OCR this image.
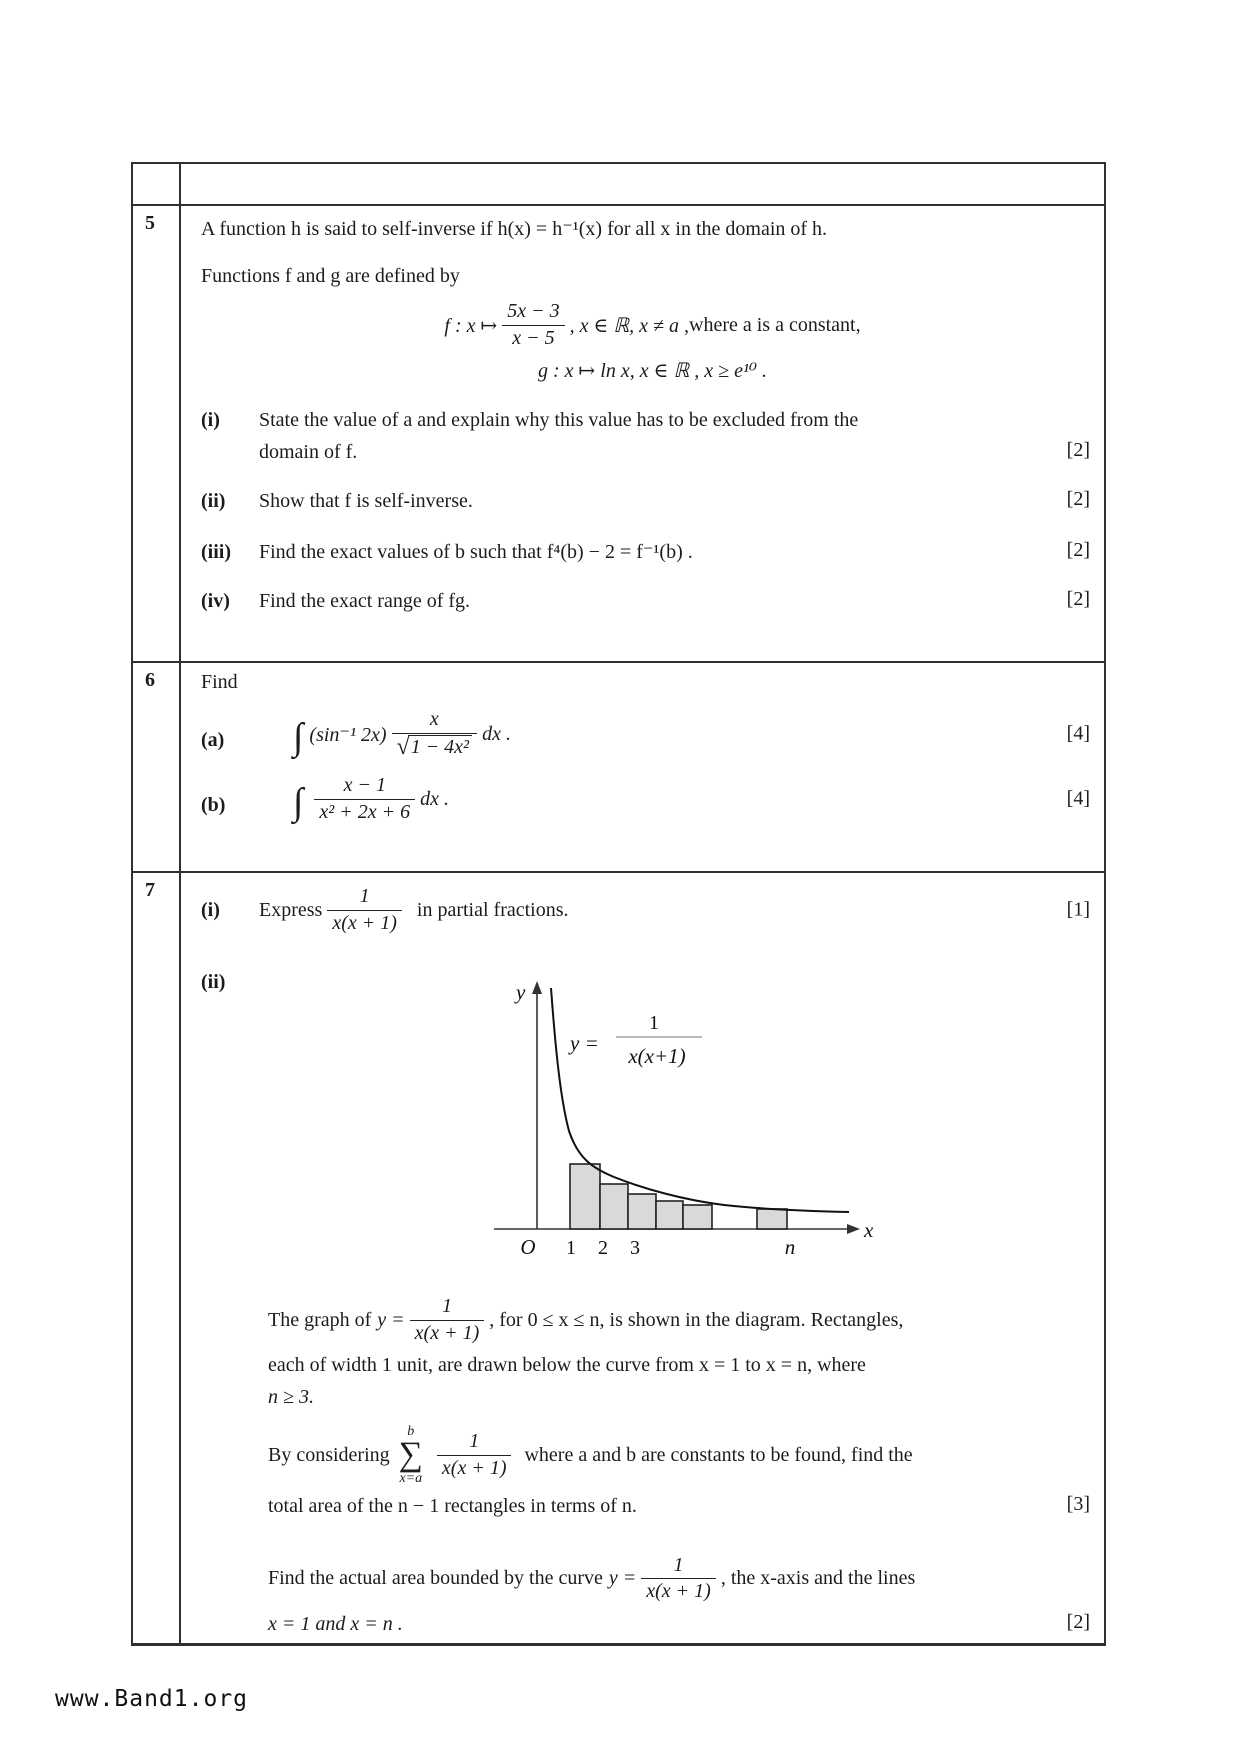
5	A function h is said to self-inverse if h(x) = h⁻¹(x) for all x in the domain of h.

Functions f and g are defined by

f : x ↦ $\frac{5x - 3}{x - 5}$ , x ∈ ℝ, x ≠ a , where a is a constant,
g : x ↦ ln x, x ∈ ℝ , x ≥ e¹⁰ .
(i)	State the value of a and explain why this value has to be excluded from the
domain of f.	[2]
(ii)	Show that f is self-inverse.	[2]
(iii)	Find the exact values of b such that f⁴(b) − 2 = f⁻¹(b) .	[2]
(iv)	Find the exact range of fg.	[2]
6	Find

(a)	∫ (sin⁻¹ $2x) \frac{x}{\text{√ 1 − 4x²}}$ dx .	[4]
(b)	∫ $\frac{x - 1}{\text{x² + 2x + 6}}$ dx .	[4]
7
(i)	Express $\frac{1}{x(x + 1)}$ in partial fractions.	[1]
(ii)
y =
1
x(x+1)
y
x
O 1 2 3	n
The graph of $y = \frac{1}{x(x + 1)}$ , for 0 ≤ x ≤ n, is shown in the diagram. Rectangles,
each of width 1 unit, are drawn below the curve from x = 1 to x = n, where
n ≥ 3.
By considering
b
∑
$x=a \frac{1}{x(x + 1)}$ where a and b are constants to be found, find the
total area of the n − 1 rectangles in terms of n.	[3]
Find the actual area bounded by the curve $y = \frac{1}{x(x + 1)}$ , the x-axis and the lines
x = 1 and x = n .	[2]
www.Band1.org
